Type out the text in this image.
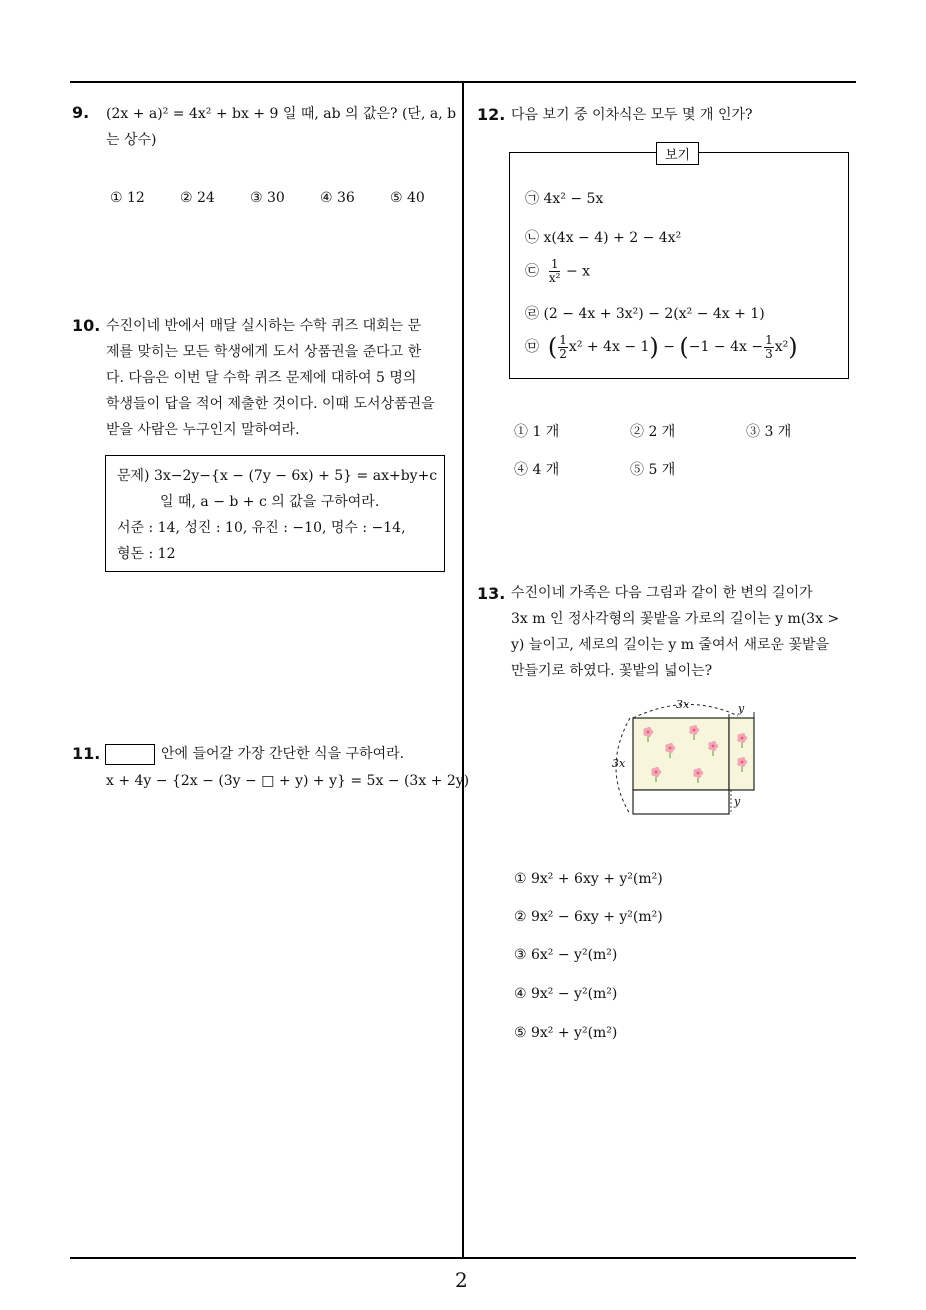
2
9. (2x + a)² = 4x² + bx + 9 일 때, ab 의 값은? (단, a, b
는 상수)
① 12	② 24	③ 30	④ 36	⑤ 40
10. 수진이네 반에서 매달 실시하는 수학 퀴즈 대회는 문
제를 맞히는 모든 학생에게 도서 상품권을 준다고 한
다. 다음은 이번 달 수학 퀴즈 문제에 대하여 5 명의
학생들이 답을 적어 제출한 것이다. 이때 도서상품권을
받을 사람은 누구인지 말하여라.
문제) 3x−2y−{x − (7y − 6x) + 5} = ax+by+c
일 때, a − b + c 의 값을 구하여라.
서준 : 14, 성진 : 10, 유진 : −10, 명수 : −14,
형돈 : 12
11.	안에 들어갈 가장 간단한 식을 구하여라.
x + 4y − {2x − (3y − □ + y) + y} = 5x − (3x + 2y)
12. 다음 보기 중 이차식은 모두 몇 개 인가?
보기
㉠ 4x² − 5x
㉡ x(4x − 4) + 2 − 4x²
㉢ $\frac{1}{\text{x²}} - x$
㉣ (2 − 4x + 3x²) − 2(x² − 4x + 1)
㉤ ( $\frac{1}{2} x^2 + 4x - 1) - (-1 - 4x - \frac{1}{3} x^2)$
① 1 개	② 2 개	③ 3 개
④ 4 개	⑤ 5 개
13. 수진이네 가족은 다음 그림과 같이 한 변의 길이가
3x m 인 정사각형의 꽃밭을 가로의 길이는 y m(3x >
y) 늘이고, 세로의 길이는 y m 줄여서 새로운 꽃밭을
만들기로 하였다. 꽃밭의 넓이는?
3x
3x
y
y
① 9x² + 6xy + y²(m²)
② 9x² − 6xy + y²(m²)
③ 6x² − y²(m²)
④ 9x² − y²(m²)
⑤ 9x² + y²(m²)
